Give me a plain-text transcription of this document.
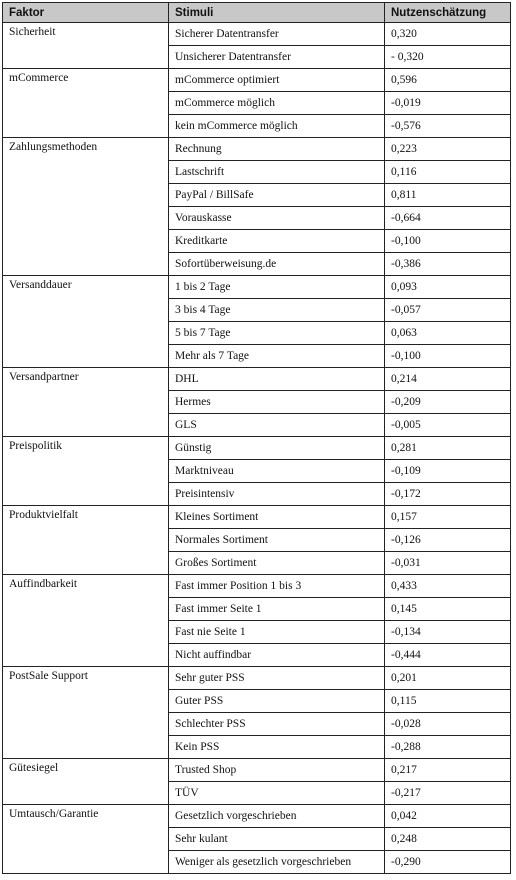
Faktor	Stimuli	Nutzenschätzung
Sicherheit	Sicherer Datentransfer	0,320
	Unsicherer Datentransfer	- 0,320
mCommerce	mCommerce optimiert	0,596
	mCommerce möglich	-0,019
	kein mCommerce möglich	-0,576
Zahlungsmethoden	Rechnung	0,223
	Lastschrift	0,116
	PayPal / BillSafe	0,811
	Vorauskasse	-0,664
	Kreditkarte	-0,100
	Sofortüberweisung.de	-0,386
Versanddauer	1 bis 2 Tage	0,093
	3 bis 4 Tage	-0,057
	5 bis 7 Tage	0,063
	Mehr als 7 Tage	-0,100
Versandpartner	DHL	0,214
	Hermes	-0,209
	GLS	-0,005
Preispolitik	Günstig	0,281
	Marktniveau	-0,109
	Preisintensiv	-0,172
Produktvielfalt	Kleines Sortiment	0,157
	Normales Sortiment	-0,126
	Großes Sortiment	-0,031
Auffindbarkeit	Fast immer Position 1 bis 3	0,433
	Fast immer Seite 1	0,145
	Fast nie Seite 1	-0,134
	Nicht auffindbar	-0,444
PostSale Support	Sehr guter PSS	0,201
	Guter PSS	0,115
	Schlechter PSS	-0,028
	Kein PSS	-0,288
Gütesiegel	Trusted Shop	0,217
	TÜV	-0,217
Umtausch/Garantie	Gesetzlich vorgeschrieben	0,042
	Sehr kulant	0,248
	Weniger als gesetzlich vorgeschrieben	-0,290
